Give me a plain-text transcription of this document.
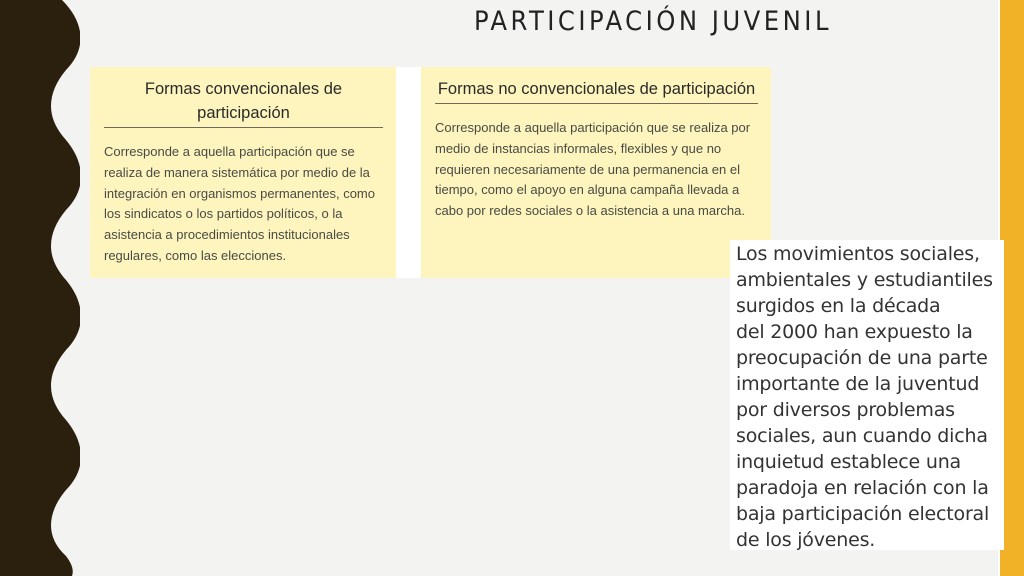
PARTICIPACIÓN JUVENIL
Formas convencionales de participación

Corresponde a aquella participación que se realiza de manera sistemática por medio de la integración en organismos permanentes, como los sindicatos o los partidos políticos, o la asistencia a procedimientos institucionales regulares, como las elecciones.

Formas no convencionales de participación

Corresponde a aquella participación que se realiza por medio de instancias informales, flexibles y que no requieren necesariamente de una permanencia en el tiempo, como el apoyo en alguna campaña llevada a cabo por redes sociales o la asistencia a una marcha.

Los movimientos sociales,
ambientales y estudiantiles
surgidos en la década
del 2000 han expuesto la
preocupación de una parte
importante de la juventud
por diversos problemas
sociales, aun cuando dicha
inquietud establece una
paradoja en relación con la
baja participación electoral
de los jóvenes.
